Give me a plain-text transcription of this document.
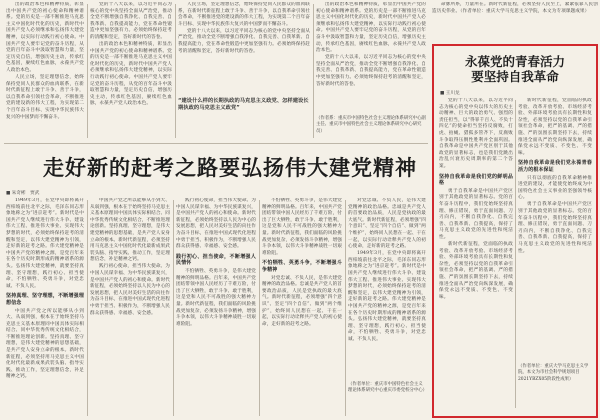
出的政治本色和精神特质，彰显出中国共产党的初心使命和精神谱系。党的历史是一部不断推进马克思主义中国化时代化的历史，新时代中国共产党人必须继承和弘扬伟大建党精神，以实际行动践行初心使命。中国共产党人要牢记党的奋斗历程，从党的百年奋斗中汲取智慧和力量，坚定历史自信，增强历史主动，传承红色基因，赓续红色血脉，永葆共产党人政治本色。

人民立场，坚定理想信念，始终保持党同人民群众的血肉联系，在新时代新征程上敢于斗争、善于斗争，以自我革命引领社会革命，不断推进党的建设新的伟大工程，为实现第二个百年奋斗目标、实现中华民族伟大复兴的中国梦而不懈奋斗。

党的十八大以来，以习近平同志为核心的党中央坚持全面从严治党，推动全党不断增强自我净化、自我完善、自我革新、自我提高能力，党在革命性锻造中更加坚强有力。必须始终保持赶考的清醒和坚定，答好新时代的答卷。

出的政治本色和精神特质，彰显出中国共产党的初心使命和精神谱系。党的历史是一部不断推进马克思主义中国化时代化的历史，新时代中国共产党人必须继承和弘扬伟大建党精神，以实际行动践行初心使命。中国共产党人要牢记党的奋斗历程，从党的百年奋斗中汲取智慧和力量，坚定历史自信，增强历史主动，传承红色基因，赓续红色血脉，永葆共产党人政治本色。

人民立场，坚定理想信念，始终保持党同人民群众的血肉联系，在新时代新征程上敢于斗争、善于斗争，以自我革命引领社会革命，不断推进党的建设新的伟大工程，为实现第二个百年奋斗目标、实现中华民族伟大复兴的中国梦而不懈奋斗。

党的十八大以来，以习近平同志为核心的党中央坚持全面从严治党，推动全党不断增强自我净化、自我完善、自我革新、自我提高能力，党在革命性锻造中更加坚强有力。必须始终保持赶考的清醒和坚定，答好新时代的答卷。

“建设什么样的长期执政的马克思主义政党、怎样建设长期执政的马克思主义政党”

出的政治本色和精神特质，彰显出中国共产党的初心使命和精神谱系。党的历史是一部不断推进马克思主义中国化时代化的历史，新时代中国共产党人必须继承和弘扬伟大建党精神，以实际行动践行初心使命。中国共产党人要牢记党的奋斗历程，从党的百年奋斗中汲取智慧和力量，坚定历史自信，增强历史主动，传承红色基因，赓续红色血脉，永葆共产党人政治本色。

党的十八大以来，以习近平同志为核心的党中央坚持全面从严治党，推动全党不断增强自我净化、自我完善、自我革新、自我提高能力，党在革命性锻造中更加坚强有力。必须始终保持赶考的清醒和坚定，答好新时代的答卷。

（作者系：重庆市中国特色社会主义理论体系研究中心副主任、重庆市中国特色社会主义理论体系研究中心研究员）

命脉所系，力量所在。新时代新征程，必须坚持人民至上，紧紧依靠人民创造历史伟业。（作者单位：重庆大学马克思主义学院，本文为专项课题成果）

走好新的赶考之路要弘扬伟大建党精神
■ 朱奇彬　贾武

1949年3月，在党中央即将离开西柏坡前往北平之际，毛泽东同志形象地称之为“进京赶考”。新时代是中国共产党人继续进行伟大斗争、建设伟大工程、推进伟大事业、实现伟大梦想的时代，必须始终保持赶考的清醒和坚定，以伟大建党精神为引领，走好新的赶考之路。伟大建党精神是中国共产党的精神之源，是党百年来在各个历史时期形成的精神谱系的源头。弘扬伟大建党精神，就要坚持真理、坚守理想，践行初心、担当使命，不怕牺牲、英勇斗争，对党忠诚、不负人民。

坚持真理、坚守理想，不断增强理想信念

中国共产党之所以能够从小到大、从弱到强，根本在于始终坚持马克思主义基本原理同中国具体实际相结合、同中华优秀传统文化相结合，不断推进理论创新。坚持真理、坚守理想，是伟大建党精神的思想基础，是共产党人安身立命的根本。新时代新征程，必须坚持用马克思主义中国化时代化最新成果武装头脑、指导实践、推动工作，坚定理想信念，补足精神之钙。

中国共产党之所以能够从小到大、从弱到强，根本在于始终坚持马克思主义基本原理同中国具体实际相结合、同中华优秀传统文化相结合，不断推进理论创新。坚持真理、坚守理想，是伟大建党精神的思想基础，是共产党人安身立命的根本。新时代新征程，必须坚持用马克思主义中国化时代化最新成果武装头脑、指导实践、推动工作，坚定理想信念，补足精神之钙。

践行初心使命，担当伟大使命。为中国人民谋幸福、为中华民族谋复兴，是中国共产党人的初心和使命。新时代新征程，必须始终坚持以人民为中心的发展思想，把人民对美好生活的向往作为奋斗目标，在推进中国式现代化进程中勇于担当、积极作为，不断增强人民群众获得感、幸福感、安全感。

践行初心使命，担当伟大使命。为中国人民谋幸福、为中华民族谋复兴，是中国共产党人的初心和使命。新时代新征程，必须始终坚持以人民为中心的发展思想，把人民对美好生活的向往作为奋斗目标，在推进中国式现代化进程中勇于担当、积极作为，不断增强人民群众获得感、幸福感、安全感。

践行初心、担当使命，不断增强人民情怀

不怕牺牲、英勇斗争，是伟大建党精神的鲜明品格。百年来，中国共产党团结带领中国人民经历了千难万险，付出了巨大牺牲，敢于斗争、敢于胜利，这是党和人民不可战胜的强大精神力量。新时代新征程，我们面临的风险挑战更加复杂，必须发扬斗争精神，增强斗争本领，以伟大斗争精神战胜一切艰难险阻。

不怕牺牲、英勇斗争，是伟大建党精神的鲜明品格。百年来，中国共产党团结带领中国人民经历了千难万险，付出了巨大牺牲，敢于斗争、敢于胜利，这是党和人民不可战胜的强大精神力量。新时代新征程，我们面临的风险挑战更加复杂，必须发扬斗争精神，增强斗争本领，以伟大斗争精神战胜一切艰难险阻。

不怕牺牲、英勇斗争，不断增强斗争精神

对党忠诚、不负人民，是伟大建党精神的政治品格。忠诚是共产党人的首要政治品质，人民是党执政的最大底气。新时代新征程，必须增强“四个意识”、坚定“四个自信”、做到“两个维护”，始终同人民想在一起、干在一起，以实际行动诠释共产党人的初心使命，走好新的赶考之路。

对党忠诚、不负人民，是伟大建党精神的政治品格。忠诚是共产党人的首要政治品质，人民是党执政的最大底气。新时代新征程，必须增强“四个意识”、坚定“四个自信”、做到“两个维护”，始终同人民想在一起、干在一起，以实际行动诠释共产党人的初心使命，走好新的赶考之路。

1949年3月，在党中央即将离开西柏坡前往北平之际，毛泽东同志形象地称之为“进京赶考”。新时代是中国共产党人继续进行伟大斗争、建设伟大工程、推进伟大事业、实现伟大梦想的时代，必须始终保持赶考的清醒和坚定，以伟大建党精神为引领，走好新的赶考之路。伟大建党精神是中国共产党的精神之源，是党百年来在各个历史时期形成的精神谱系的源头。弘扬伟大建党精神，就要坚持真理、坚守理想，践行初心、担当使命，不怕牺牲、英勇斗争，对党忠诚、不负人民。

（作者单位：重庆市中国特色社会主义理论体系研究中心重庆市委党校分中心）
永葆党的青春活力
要坚持自我革命
■ 王川龙

党的十八大以来，以习近平同志为核心的党中央以伟大的历史主动精神、巨大的政治勇气、强烈的责任担当，以“得罪千百人、不负十四亿”的使命担当坚持反腐败，打虎、拍蝇、猎狐多管齐下，反腐败斗争取得压倒性胜利并全面巩固。自我革命是中国共产党区别于其他政党的显著标志，也是我们党跳出治乱兴衰历史周期率的第二个答案。

坚持自我革命是我们党的鲜明品格

勇于自我革命是中国共产党区别于其他政党的显著标志。党的百年奋斗历程中，我们党始终坚持真理、修正错误，勇于直面问题、刀刃向内，不断自我净化、自我完善、自我革新、自我提高，保持了马克思主义政党的先进性和纯洁性。

新时代新征程，党面临的执政考验、改革开放考验、市场经济考验、外部环境考验具有长期性和复杂性，必须坚持以党的自我革命引领社会革命，把严的基调、严的措施、严的氛围长期坚持下去，持续推进全面从严治党向纵深发展，确保党永远不变质、不变色、不变味。

新时代新征程，党面临的执政考验、改革开放考验、市场经济考验、外部环境考验具有长期性和复杂性，必须坚持以党的自我革命引领社会革命，把严的基调、严的措施、严的氛围长期坚持下去，持续推进全面从严治党向纵深发展，确保党永远不变质、不变色、不变味。

坚持自我革命是我们党永葆青春活力的根本保证

只有以彻底的自我革命精神推进党的建设，才能使党始终成为中国特色社会主义事业的坚强领导核心。

勇于自我革命是中国共产党区别于其他政党的显著标志。党的百年奋斗历程中，我们党始终坚持真理、修正错误，勇于直面问题、刀刃向内，不断自我净化、自我完善、自我革新、自我提高，保持了马克思主义政党的先进性和纯洁性。

（作者单位：重庆大学马克思主义学院，本文为市社会科学规划项目2021YBZX05阶段性成果）
